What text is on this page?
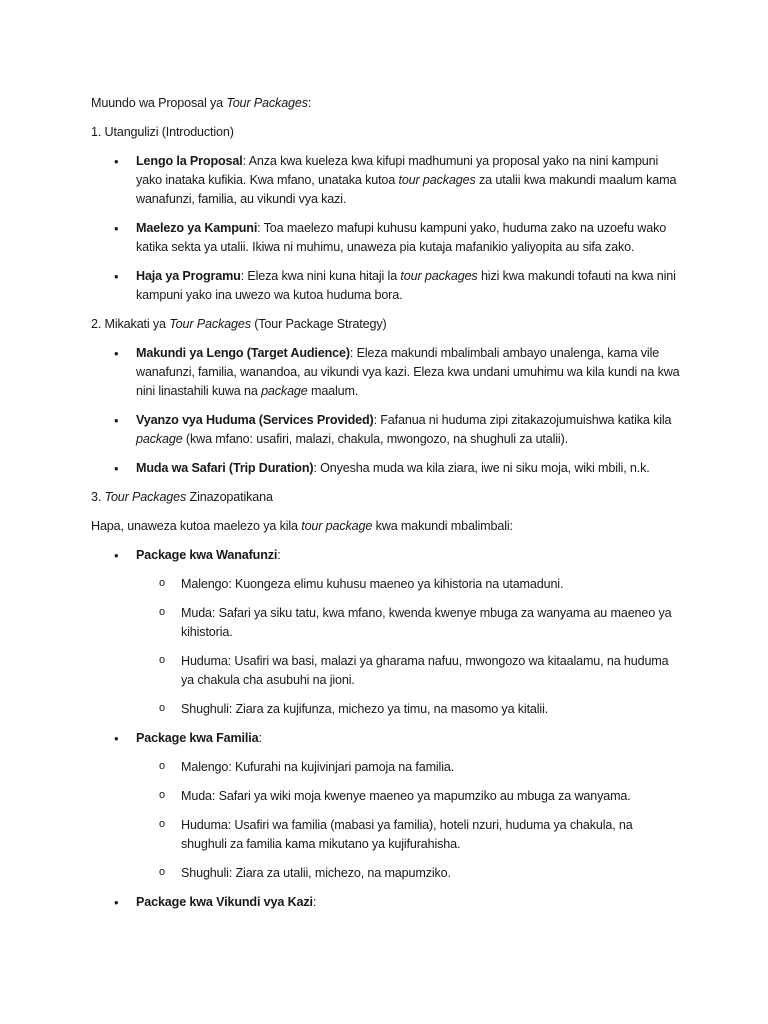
Muundo wa Proposal ya Tour Packages:

1. Utangulizi (Introduction)

• Lengo la Proposal: Anza kwa kueleza kwa kifupi madhumuni ya proposal yako na nini kampuni yako inataka kufikia. Kwa mfano, unataka kutoa tour packages za utalii kwa makundi maalum kama wanafunzi, familia, au vikundi vya kazi.
• Maelezo ya Kampuni: Toa maelezo mafupi kuhusu kampuni yako, huduma zako na uzoefu wako katika sekta ya utalii. Ikiwa ni muhimu, unaweza pia kutaja mafanikio yaliyopita au sifa zako.
• Haja ya Programu: Eleza kwa nini kuna hitaji la tour packages hizi kwa makundi tofauti na kwa nini kampuni yako ina uwezo wa kutoa huduma bora.

2. Mikakati ya Tour Packages (Tour Package Strategy)

• Makundi ya Lengo (Target Audience): Eleza makundi mbalimbali ambayo unalenga, kama vile wanafunzi, familia, wanandoa, au vikundi vya kazi. Eleza kwa undani umuhimu wa kila kundi na kwa nini linastahili kuwa na package maalum.
• Vyanzo vya Huduma (Services Provided): Fafanua ni huduma zipi zitakazojumuishwa katika kila package (kwa mfano: usafiri, malazi, chakula, mwongozo, na shughuli za utalii).
• Muda wa Safari (Trip Duration): Onyesha muda wa kila ziara, iwe ni siku moja, wiki mbili, n.k.

3. Tour Packages Zinazopatikana

Hapa, unaweza kutoa maelezo ya kila tour package kwa makundi mbalimbali:

• Package kwa Wanafunzi:
o Malengo: Kuongeza elimu kuhusu maeneo ya kihistoria na utamaduni.
o Muda: Safari ya siku tatu, kwa mfano, kwenda kwenye mbuga za wanyama au maeneo ya kihistoria.
o Huduma: Usafiri wa basi, malazi ya gharama nafuu, mwongozo wa kitaalamu, na huduma ya chakula cha asubuhi na jioni.
o Shughuli: Ziara za kujifunza, michezo ya timu, na masomo ya kitalii.
• Package kwa Familia:
o Malengo: Kufurahi na kujivinjari pamoja na familia.
o Muda: Safari ya wiki moja kwenye maeneo ya mapumziko au mbuga za wanyama.
o Huduma: Usafiri wa familia (mabasi ya familia), hoteli nzuri, huduma ya chakula, na shughuli za familia kama mikutano ya kujifurahisha.
o Shughuli: Ziara za utalii, michezo, na mapumziko.
• Package kwa Vikundi vya Kazi:
